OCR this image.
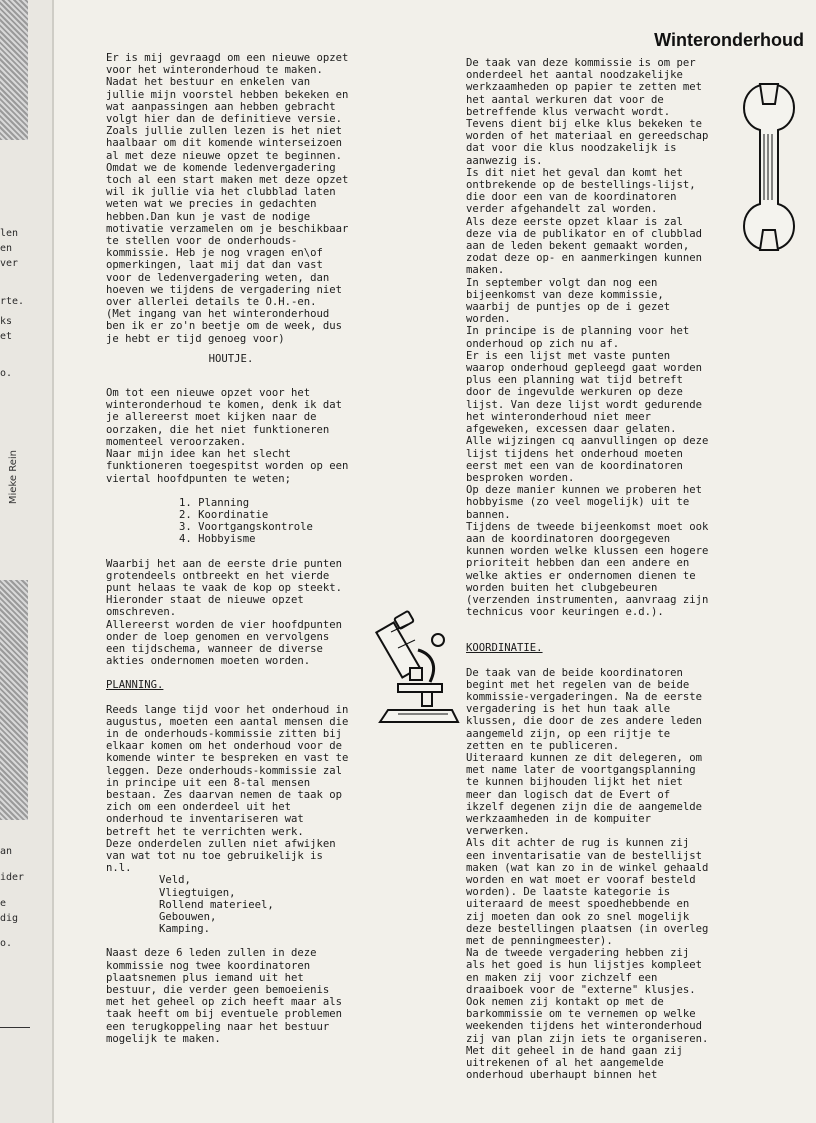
len
en
ver
rte.
ks
et
o.
Mieke Rein
an
ider
e
dig
o.
Winteronderhoud

Er is mij gevraagd om een nieuwe opzet

voor het winteronderhoud te maken.

Nadat het bestuur en enkelen van

jullie mijn voorstel hebben bekeken en

wat aanpassingen aan hebben gebracht

volgt hier dan de definitieve versie.

Zoals jullie zullen lezen is het niet

haalbaar om dit komende winterseizoen

al met deze nieuwe opzet te beginnen.

Omdat we de komende ledenvergadering

toch al een start maken met deze opzet

wil ik jullie via het clubblad laten

weten wat we precies in gedachten

hebben.Dan kun je vast de nodige

motivatie verzamelen om je beschikbaar

te stellen voor de onderhouds-

kommissie. Heb je nog vragen en\of

opmerkingen, laat mij dat dan vast

voor de ledenvergadering weten, dan

hoeven we tijdens de vergadering niet

over allerlei details te O.H.-en.

(Met ingang van het winteronderhoud

ben ik er zo'n beetje om de week, dus

je hebt er tijd genoeg voor)

HOUTJE.

Om tot een nieuwe opzet voor het

winteronderhoud te komen, denk ik dat

je allereerst moet kijken naar de

oorzaken, die het niet funktioneren

momenteel veroorzaken.

Naar mijn idee kan het slecht

funktioneren toegespitst worden op een

viertal hoofdpunten te weten;

1. Planning

2. Koordinatie

3. Voortgangskontrole

4. Hobbyisme

Waarbij het aan de eerste drie punten

grotendeels ontbreekt en het vierde

punt helaas te vaak de kop op steekt.

Hieronder staat de nieuwe opzet

omschreven.

Allereerst worden de vier hoofdpunten

onder de loep genomen en vervolgens

een tijdschema, wanneer de diverse

akties ondernomen moeten worden.

PLANNING.

Reeds lange tijd voor het onderhoud in

augustus, moeten een aantal mensen die

in de onderhouds-kommissie zitten bij

elkaar komen om het onderhoud voor de

komende winter te bespreken en vast te

leggen. Deze onderhouds-kommissie zal

in principe uit een 8-tal mensen

bestaan. Zes daarvan nemen de taak op

zich om een onderdeel uit het

onderhoud te inventariseren wat

betreft het te verrichten werk.

Deze onderdelen zullen niet afwijken

van wat tot nu toe gebruikelijk is

n.l.

Veld,

Vliegtuigen,

Rollend materieel,

Gebouwen,

Kamping.

Naast deze 6 leden zullen in deze

kommissie nog twee koordinatoren

plaatsnemen plus iemand uit het

bestuur, die verder geen bemoeienis

met het geheel op zich heeft maar als

taak heeft om bij eventuele problemen

een terugkoppeling naar het bestuur

mogelijk te maken.

De taak van deze kommissie is om per

onderdeel het aantal noodzakelijke

werkzaamheden op papier te zetten met

het aantal werkuren dat voor de

betreffende klus verwacht wordt.

Tevens dient bij elke klus bekeken te

worden of het materiaal en gereedschap

dat voor die klus noodzakelijk is

aanwezig is.

Is dit niet het geval dan komt het

ontbrekende op de bestellings-lijst,

die door een van de koordinatoren

verder afgehandelt zal worden.

Als deze eerste opzet klaar is zal

deze via de publikator en of clubblad

aan de leden bekent gemaakt worden,

zodat deze op- en aanmerkingen kunnen

maken.

In september volgt dan nog een

bijeenkomst van deze kommissie,

waarbij de puntjes op de i gezet

worden.

In principe is de planning voor het

onderhoud op zich nu af.

Er is een lijst met vaste punten

waarop onderhoud gepleegd gaat worden

plus een planning wat tijd betreft

door de ingevulde werkuren op deze

lijst. Van deze lijst wordt gedurende

het winteronderhoud niet meer

afgeweken, excessen daar gelaten.

Alle wijzingen cq aanvullingen op deze

lijst tijdens het onderhoud moeten

eerst met een van de koordinatoren

besproken worden.

Op deze manier kunnen we proberen het

hobbyisme (zo veel mogelijk) uit te

bannen.

Tijdens de tweede bijeenkomst moet ook

aan de koordinatoren doorgegeven

kunnen worden welke klussen een hogere

prioriteit hebben dan een andere en

welke akties er ondernomen dienen te

worden buiten het clubgebeuren

(verzenden instrumenten, aanvraag zijn

technicus voor keuringen e.d.).

KOORDINATIE.

De taak van de beide koordinatoren

begint met het regelen van de beide

kommissie-vergaderingen. Na de eerste

vergadering is het hun taak alle

klussen, die door de zes andere leden

aangemeld zijn, op een rijtje te

zetten en te publiceren.

Uiteraard kunnen ze dit delegeren, om

met name later de voortgangsplanning

te kunnen bijhouden lijkt het niet

meer dan logisch dat de Evert of

ikzelf degenen zijn die de aangemelde

werkzaamheden in de kompuiter

verwerken.

Als dit achter de rug is kunnen zij

een inventarisatie van de bestellijst

maken (wat kan zo in de winkel gehaald

worden en wat moet er vooraf besteld

worden). De laatste kategorie is

uiteraard de meest spoedhebbende en

zij moeten dan ook zo snel mogelijk

deze bestellingen plaatsen (in overleg

met de penningmeester).

Na de tweede vergadering hebben zij

als het goed is hun lijstjes kompleet

en maken zij voor zichzelf een

draaiboek voor de "externe" klusjes.

Ook nemen zij kontakt op met de

barkommissie om te vernemen op welke

weekenden tijdens het winteronderhoud

zij van plan zijn iets te organiseren.

Met dit geheel in de hand gaan zij

uitrekenen of al het aangemelde

onderhoud uberhaupt binnen het
